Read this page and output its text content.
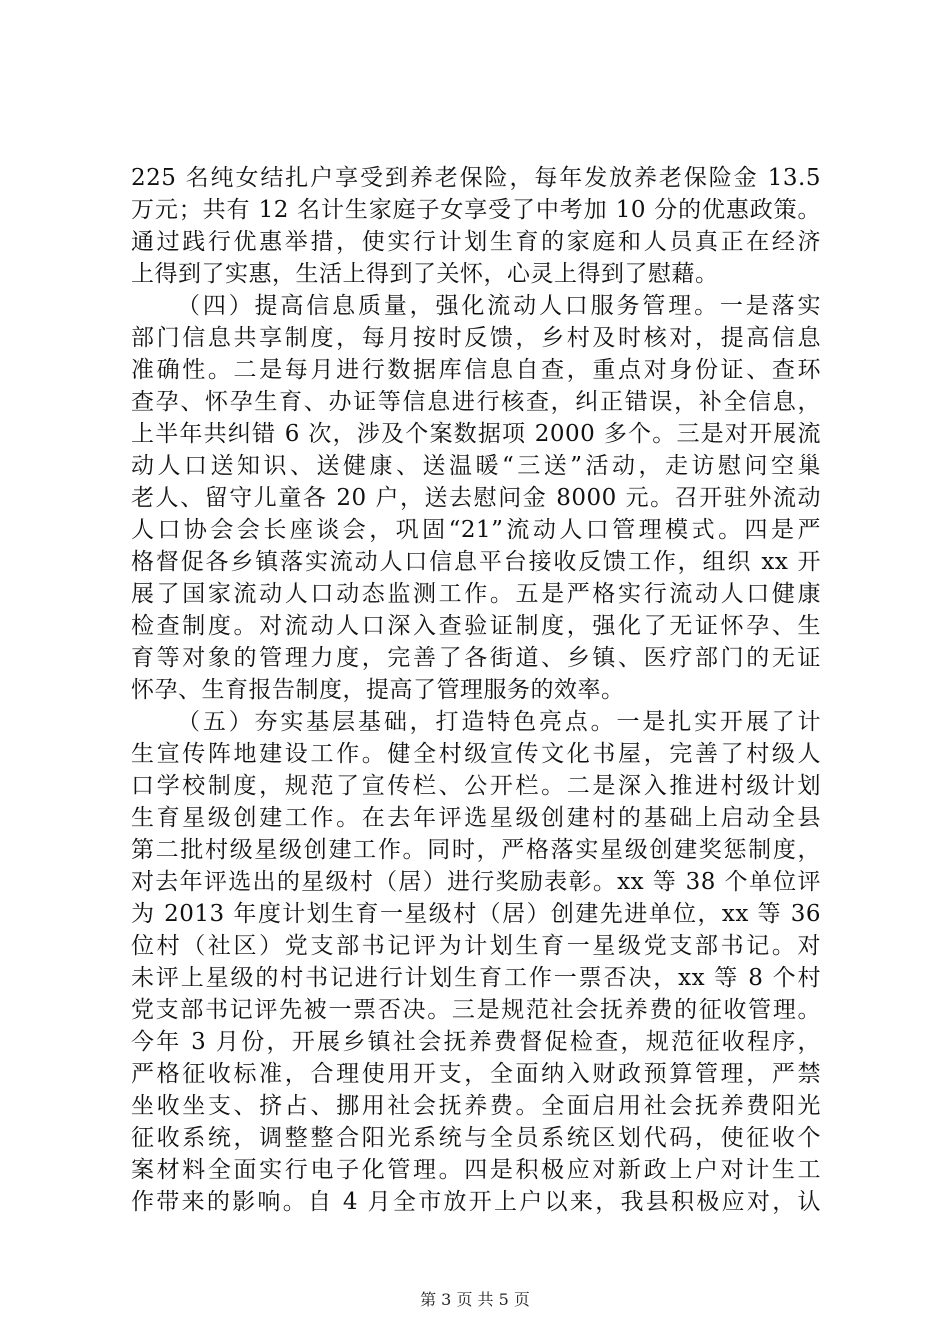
225 名纯女结扎户享受到养老保险，每年发放养老保险金 13.5
万元；共有 12 名计生家庭子女享受了中考加 10 分的优惠政策。
通过践行优惠举措，使实行计划生育的家庭和人员真正在经济
上得到了实惠，生活上得到了关怀，心灵上得到了慰藉。
（四）提高信息质量，强化流动人口服务管理。一是落实
部门信息共享制度，每月按时反馈，乡村及时核对，提高信息
准确性。二是每月进行数据库信息自查，重点对身份证、查环
查孕、怀孕生育、办证等信息进行核查，纠正错误，补全信息，
上半年共纠错 6 次，涉及个案数据项 2000 多个。三是对开展流
动人口送知识、送健康、送温暖“三送”活动，走访慰问空巢
老人、留守儿童各 20 户，送去慰问金 8000 元。召开驻外流动
人口协会会长座谈会，巩固“21”流动人口管理模式。四是严
格督促各乡镇落实流动人口信息平台接收反馈工作，组织 xx 开
展了国家流动人口动态监测工作。五是严格实行流动人口健康
检查制度。对流动人口深入查验证制度，强化了无证怀孕、生
育等对象的管理力度，完善了各街道、乡镇、医疗部门的无证
怀孕、生育报告制度，提高了管理服务的效率。
（五）夯实基层基础，打造特色亮点。一是扎实开展了计
生宣传阵地建设工作。健全村级宣传文化书屋，完善了村级人
口学校制度，规范了宣传栏、公开栏。二是深入推进村级计划
生育星级创建工作。在去年评选星级创建村的基础上启动全县
第二批村级星级创建工作。同时，严格落实星级创建奖惩制度，
对去年评选出的星级村（居）进行奖励表彰。xx 等 38 个单位评
为 2013 年度计划生育一星级村（居）创建先进单位，xx 等 36
位村（社区）党支部书记评为计划生育一星级党支部书记。对
未评上星级的村书记进行计划生育工作一票否决，xx 等 8 个村
党支部书记评先被一票否决。三是规范社会抚养费的征收管理。
今年 3 月份，开展乡镇社会抚养费督促检查，规范征收程序，
严格征收标准，合理使用开支，全面纳入财政预算管理，严禁
坐收坐支、挤占、挪用社会抚养费。全面启用社会抚养费阳光
征收系统，调整整合阳光系统与全员系统区划代码，使征收个
案材料全面实行电子化管理。四是积极应对新政上户对计生工
作带来的影响。自 4 月全市放开上户以来，我县积极应对，认
第 3 页 共 5 页
